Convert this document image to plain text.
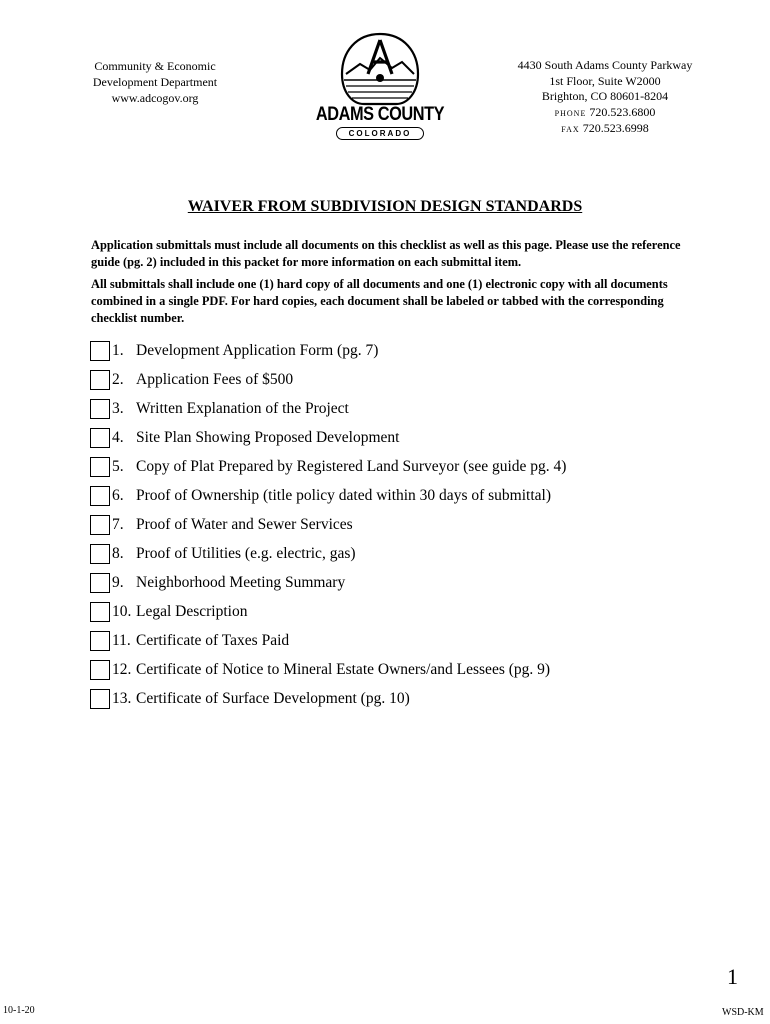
Community & Economic
Development Department
www.adcogov.org
ADAMS COUNTY
COLORADO
4430 South Adams County Parkway
1st Floor, Suite W2000
Brighton, CO 80601-8204
PHONE 720.523.6800
FAX 720.523.6998
WAIVER FROM SUBDIVISION DESIGN STANDARDS
Application submittals must include all documents on this checklist as well as this page. Please use the reference guide (pg. 2) included in this packet for more information on each submittal item.
All submittals shall include one (1) hard copy of all documents and one (1) electronic copy with all documents combined in a single PDF. For hard copies, each document shall be labeled or tabbed with the corresponding checklist number.
1. Development Application Form (pg. 7)
2. Application Fees of $500
3. Written Explanation of the Project
4. Site Plan Showing Proposed Development
5. Copy of Plat Prepared by Registered Land Surveyor (see guide pg. 4)
6. Proof of Ownership (title policy dated within 30 days of submittal)
7. Proof of Water and Sewer Services
8. Proof of Utilities (e.g. electric, gas)
9. Neighborhood Meeting Summary
10. Legal Description
11. Certificate of Taxes Paid
12. Certificate of Notice to Mineral Estate Owners/and Lessees (pg. 9)
13. Certificate of Surface Development (pg. 10)
1
10-1-20	WSD-KM
